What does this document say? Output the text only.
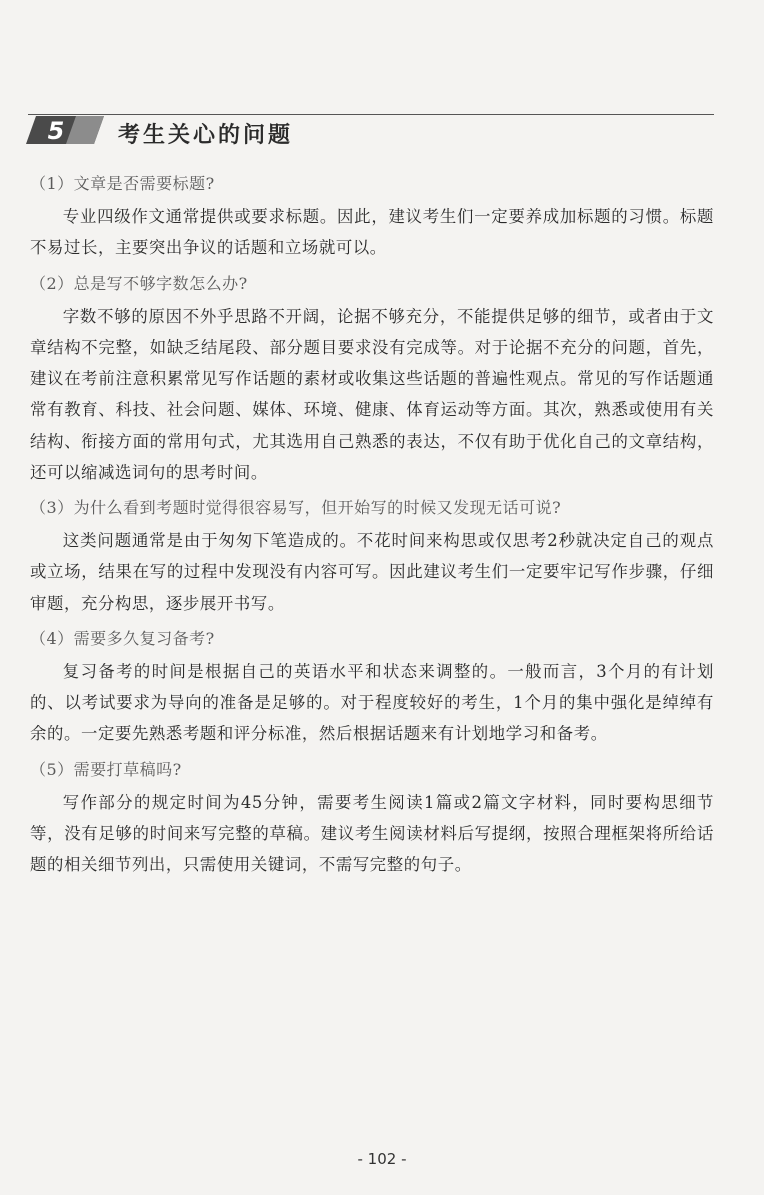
5 考生关心的问题
（1）文章是否需要标题?
专业四级作文通常提供或要求标题。因此，建议考生们一定要养成加标题的习惯。标题不易过长，主要突出争议的话题和立场就可以。
（2）总是写不够字数怎么办?
字数不够的原因不外乎思路不开阔，论据不够充分，不能提供足够的细节，或者由于文章结构不完整，如缺乏结尾段、部分题目要求没有完成等。对于论据不充分的问题，首先，建议在考前注意积累常见写作话题的素材或收集这些话题的普遍性观点。常见的写作话题通常有教育、科技、社会问题、媒体、环境、健康、体育运动等方面。其次，熟悉或使用有关结构、衔接方面的常用句式，尤其选用自己熟悉的表达，不仅有助于优化自己的文章结构，还可以缩减选词句的思考时间。
（3）为什么看到考题时觉得很容易写，但开始写的时候又发现无话可说?
这类问题通常是由于匆匆下笔造成的。不花时间来构思或仅思考2秒就决定自己的观点或立场，结果在写的过程中发现没有内容可写。因此建议考生们一定要牢记写作步骤，仔细审题，充分构思，逐步展开书写。
（4）需要多久复习备考?
复习备考的时间是根据自己的英语水平和状态来调整的。一般而言，3个月的有计划的、以考试要求为导向的准备是足够的。对于程度较好的考生，1个月的集中强化是绰绰有余的。一定要先熟悉考题和评分标准，然后根据话题来有计划地学习和备考。
（5）需要打草稿吗?
写作部分的规定时间为45分钟，需要考生阅读1篇或2篇文字材料，同时要构思细节等，没有足够的时间来写完整的草稿。建议考生阅读材料后写提纲，按照合理框架将所给话题的相关细节列出，只需使用关键词，不需写完整的句子。
- 102 -
